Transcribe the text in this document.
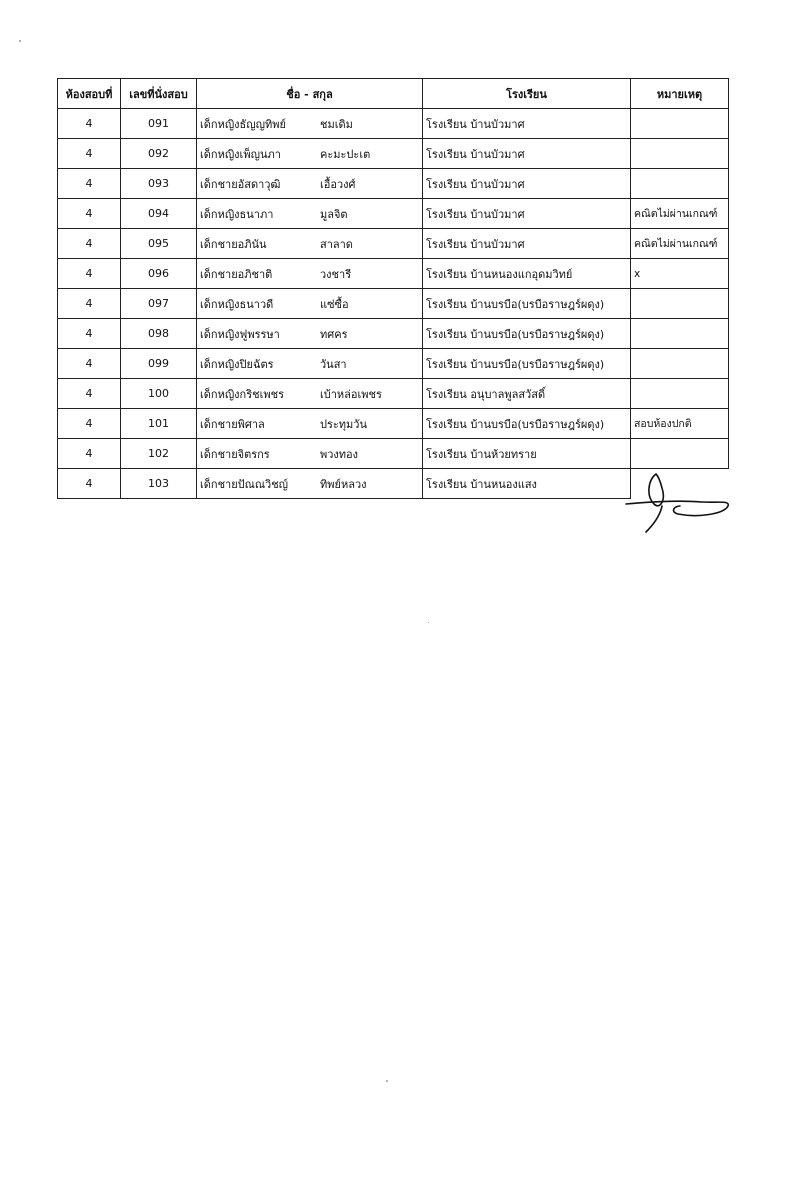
ห้องสอบที่	เลขที่นั่งสอบ	ชื่อ - สกุล	โรงเรียน	หมายเหตุ
4	091	เด็กหญิงธัญญทิพย์ ชมเดิม	โรงเรียน บ้านบัวมาศ	
4	092	เด็กหญิงเพ็ญนภา คะมะปะเต	โรงเรียน บ้านบัวมาศ	
4	093	เด็กชายอัสดาวุฒิ เอื้อวงศ์	โรงเรียน บ้านบัวมาศ	
4	094	เด็กหญิงธนาภา มูลจิต	โรงเรียน บ้านบัวมาศ	คณิตไม่ผ่านเกณฑ์
4	095	เด็กชายอภินัน สาลาด	โรงเรียน บ้านบัวมาศ	คณิตไม่ผ่านเกณฑ์
4	096	เด็กชายอภิชาติ วงชารี	โรงเรียน บ้านหนองแกอุดมวิทย์	x
4	097	เด็กหญิงธนาวดี แซ่ซื้อ	โรงเรียน บ้านบรบือ(บรบือราษฎร์ผดุง)	
4	098	เด็กหญิงฟูพรรษา ทศคร	โรงเรียน บ้านบรบือ(บรบือราษฎร์ผดุง)	
4	099	เด็กหญิงปิยฉัตร วันสา	โรงเรียน บ้านบรบือ(บรบือราษฎร์ผดุง)	
4	100	เด็กหญิงกริชเพชร เบ้าหล่อเพชร	โรงเรียน อนุบาลพูลสวัสดิ์	
4	101	เด็กชายพิศาล ประทุมวัน	โรงเรียน บ้านบรบือ(บรบือราษฎร์ผดุง)	สอบห้องปกติ
4	102	เด็กชายจิตรกร พวงทอง	โรงเรียน บ้านห้วยทราย	
4	103	เด็กชายปัณณวิชญ์ ทิพย์หลวง	โรงเรียน บ้านหนองแสง	
